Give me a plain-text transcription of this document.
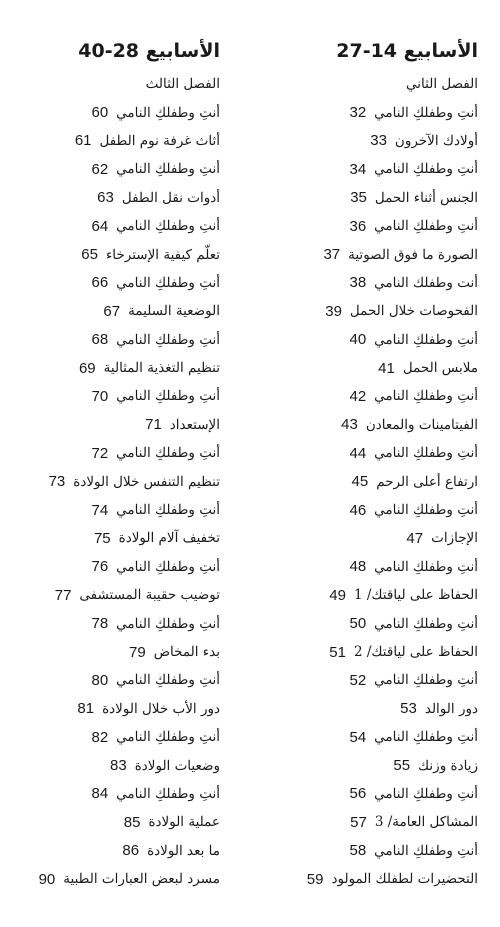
الأسابيع 14-27
الفصل الثاني
أنتِ وطفلكِ النامي
32
أولادك الآخرون
33
أنتِ وطفلكِ النامي
34
الجنس أثناء الحمل
35
أنتِ وطفلكِ النامي
36
الصورة ما فوق الصوتية
37
أنت وطفلك النامي
38
الفحوصات خلال الحمل
39
أنتِ وطفلكِ النامي
40
ملابس الحمل
41
أنتِ وطفلكِ النامي
42
الفيتامينات والمعادن
43
أنتِ وطفلكِ النامي
44
ارتفاع أعلى الرحم
45
أنتِ وطفلكِ النامي
46
الإجازات
47
أنتِ وطفلكِ النامي
48
الحفاظ على لياقتك/ 1
49
أنتِ وطفلكِ النامي
50
الحفاظ على لياقتك/ 2
51
أنتِ وطفلكِ النامي
52
دور الوالد
53
أنتِ وطفلكِ النامي
54
زيادة وزنك
55
أنتِ وطفلكِ النامي
56
المشاكل العامة/ 3
57
أنتِ وطفلكِ النامي
58
التحضيرات لطفلك المولود
59
الأسابيع 28-40
الفصل الثالث
أنتِ وطفلكِ النامي
60
أثاث غرفة نوم الطفل
61
أنتِ وطفلكِ النامي
62
أدوات نقل الطفل
63
أنتِ وطفلكِ النامي
64
تعلّم كيفية الإسترخاء
65
أنتِ وطفلكِ النامي
66
الوضعية السليمة
67
أنتِ وطفلكِ النامي
68
تنظيم التغذية المثالية
69
أنتِ وطفلكِ النامي
70
الإستعداد
71
أنتِ وطفلكِ النامي
72
تنظيم التنفس خلال الولادة
73
أنتِ وطفلكِ النامي
74
تخفيف آلام الولادة
75
أنتِ وطفلكِ النامي
76
توضيب حقيبة المستشفى
77
أنتِ وطفلكِ النامي
78
بدء المخاض
79
أنتِ وطفلكِ النامي
80
دور الأب خلال الولادة
81
أنتِ وطفلكِ النامي
82
وضعيات الولادة
83
أنتِ وطفلكِ النامي
84
عملية الولادة
85
ما بعد الولادة
86
مسرد لبعض العبارات الطبية
90
